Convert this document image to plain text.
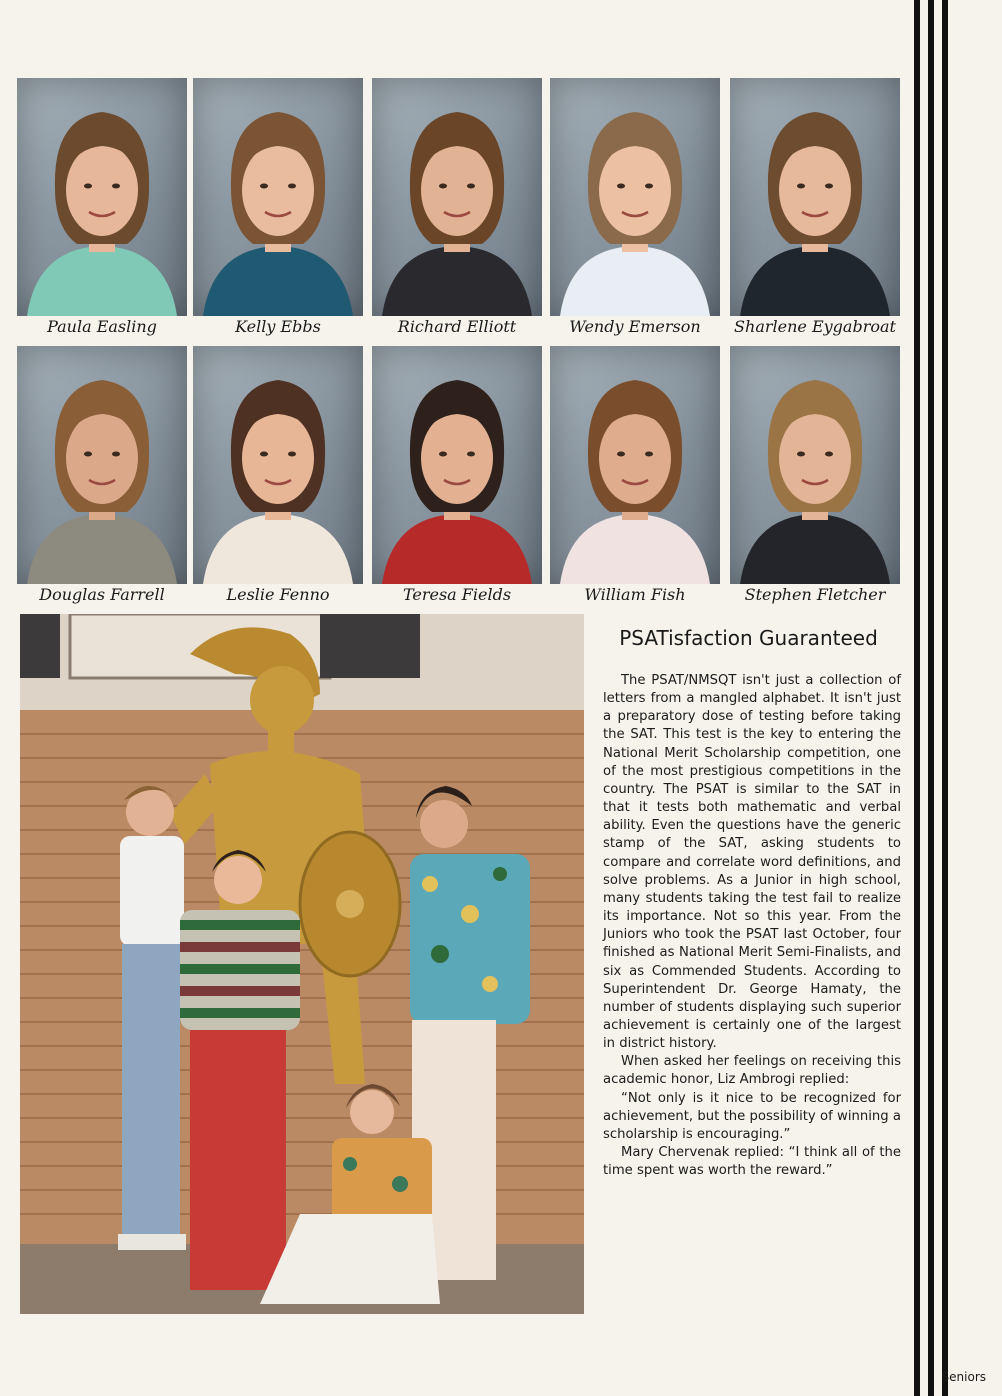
Paula Easling	Kelly Ebbs	Richard Elliott	Wendy Emerson	Sharlene Eygabroat
Douglas Farrell	Leslie Fenno	Teresa Fields	William Fish	Stephen Fletcher
PSATisfaction Guaranteed

The PSAT/NMSQT isn't just a collection of letters from a mangled alphabet. It isn't just a preparatory dose of testing before taking the SAT. This test is the key to entering the National Merit Scholarship competition, one of the most prestigious competitions in the country. The PSAT is similar to the SAT in that it tests both mathematic and verbal ability. Even the questions have the generic stamp of the SAT, asking students to compare and correlate word definitions, and solve problems. As a Junior in high school, many students taking the test fail to realize its importance. Not so this year. From the Juniors who took the PSAT last October, four finished as National Merit Semi-Finalists, and six as Commended Students. According to Superintendent Dr. George Hamaty, the number of students displaying such superior achievement is certainly one of the largest in district history.

When asked her feelings on receiving this academic honor, Liz Ambrogi replied:

“Not only is it nice to be recognized for achievement, but the possibility of winning a scholarship is encouraging.”

Mary Chervenak replied: “I think all of the time spent was worth the reward.”

Seniors
